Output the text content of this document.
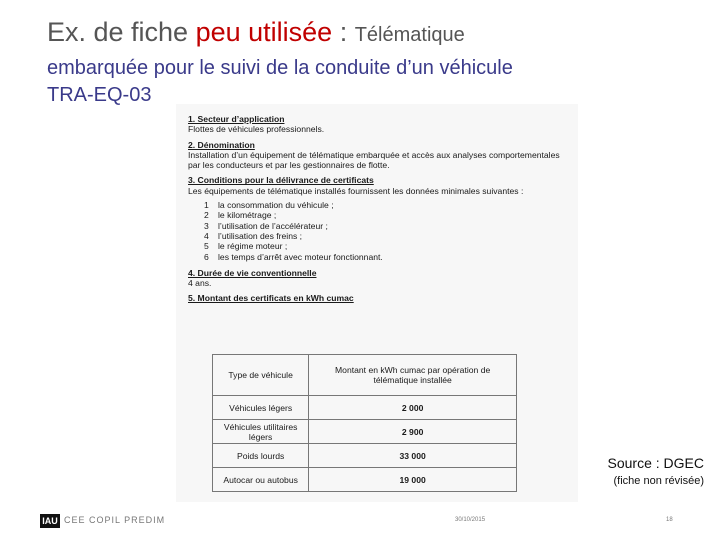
Ex. de fiche peu utilisée : Télématique
embarquée pour le suivi de la conduite d’un véhicule
TRA-EQ-03
1. Secteur d’application
Flottes de véhicules professionnels.
2. Dénomination
Installation d’un équipement de télématique embarquée et accès aux analyses comportementales par les conducteurs et par les gestionnaires de flotte.
3. Conditions pour la délivrance de certificats
Les équipements de télématique installés fournissent les données minimales suivantes :
1	la consommation du véhicule ;
2	le kilométrage ;
3	l’utilisation de l’accélérateur ;
4	l’utilisation des freins ;
5	le régime moteur ;
6	les temps d’arrêt avec moteur fonctionnant.
4. Durée de vie conventionnelle
4 ans.
5. Montant des certificats en kWh cumac
Type de véhicule	Montant en kWh cumac par opération de télématique installée
Véhicules légers	2 000
Véhicules utilitaires légers	2 900
Poids lourds	33 000
Autocar ou autobus	19 000
Source : DGEC
(fiche non révisée)
IAU CEE COPIL PREDIM	30/10/2015	18
